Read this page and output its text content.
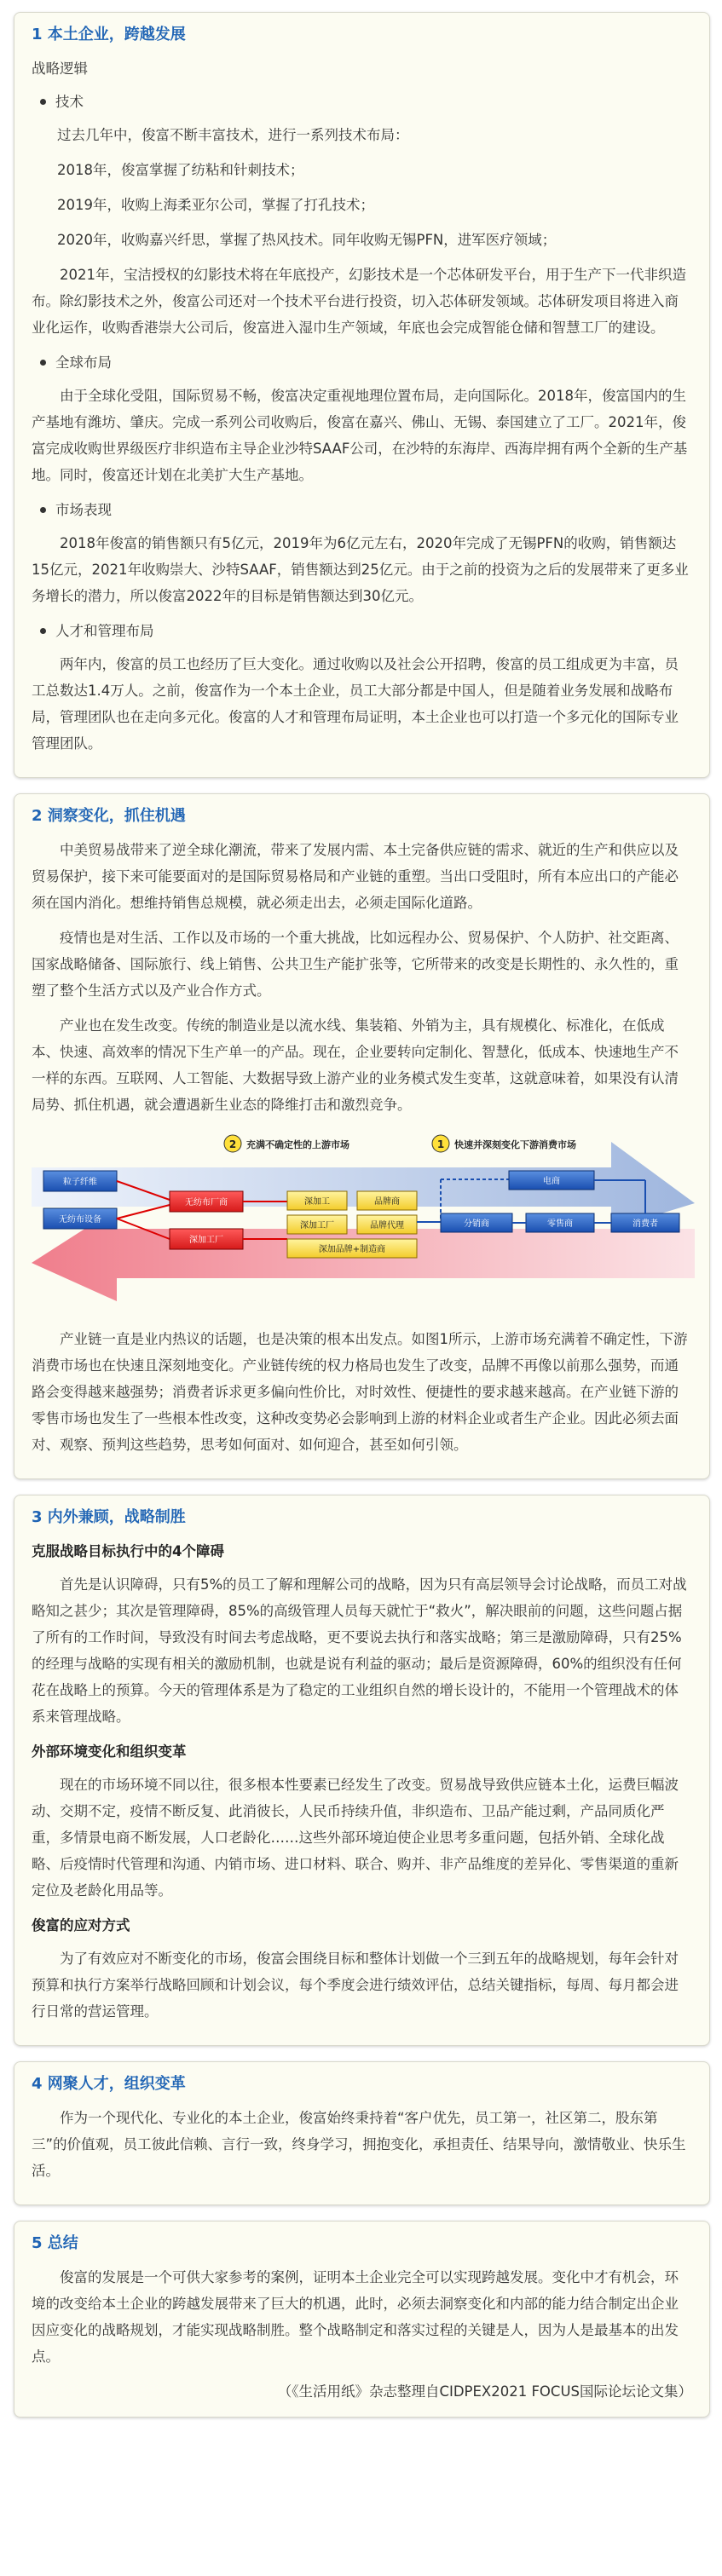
1 本土企业，跨越发展
战略逻辑
技术
过去几年中，俊富不断丰富技术，进行一系列技术布局：
2018年，俊富掌握了纺粘和针刺技术；
2019年，收购上海柔亚尔公司，掌握了打孔技术；
2020年，收购嘉兴纤思，掌握了热风技术。同年收购无锡PFN，进军医疗领域；
2021年，宝洁授权的幻影技术将在年底投产，幻影技术是一个芯体研发平台，用于生产下一代非织造布。除幻影技术之外，俊富公司还对一个技术平台进行投资，切入芯体研发领域。芯体研发项目将进入商业化运作，收购香港崇大公司后，俊富进入湿巾生产领域，年底也会完成智能仓储和智慧工厂的建设。
全球布局
由于全球化受阻，国际贸易不畅，俊富决定重视地理位置布局，走向国际化。2018年，俊富国内的生产基地有潍坊、肇庆。完成一系列公司收购后，俊富在嘉兴、佛山、无锡、泰国建立了工厂。2021年，俊富完成收购世界级医疗非织造布主导企业沙特SAAF公司，在沙特的东海岸、西海岸拥有两个全新的生产基地。同时，俊富还计划在北美扩大生产基地。
市场表现
2018年俊富的销售额只有5亿元，2019年为6亿元左右，2020年完成了无锡PFN的收购，销售额达15亿元，2021年收购崇大、沙特SAAF，销售额达到25亿元。由于之前的投资为之后的发展带来了更多业务增长的潜力，所以俊富2022年的目标是销售额达到30亿元。
人才和管理布局
两年内，俊富的员工也经历了巨大变化。通过收购以及社会公开招聘，俊富的员工组成更为丰富，员工总数达1.4万人。之前，俊富作为一个本土企业，员工大部分都是中国人，但是随着业务发展和战略布局，管理团队也在走向多元化。俊富的人才和管理布局证明，本土企业也可以打造一个多元化的国际专业管理团队。
2 洞察变化，抓住机遇
中美贸易战带来了逆全球化潮流，带来了发展内需、本土完备供应链的需求、就近的生产和供应以及贸易保护，接下来可能要面对的是国际贸易格局和产业链的重塑。当出口受阻时，所有本应出口的产能必须在国内消化。想维持销售总规模，就必须走出去，必须走国际化道路。
疫情也是对生活、工作以及市场的一个重大挑战，比如远程办公、贸易保护、个人防护、社交距离、国家战略储备、国际旅行、线上销售、公共卫生产能扩张等，它所带来的改变是长期性的、永久性的，重塑了整个生活方式以及产业合作方式。
产业也在发生改变。传统的制造业是以流水线、集装箱、外销为主，具有规模化、标准化，在低成本、快速、高效率的情况下生产单一的产品。现在，企业要转向定制化、智慧化，低成本、快速地生产不一样的东西。互联网、人工智能、大数据导致上游产业的业务模式发生变革，这就意味着，如果没有认清局势、抓住机遇，就会遭遇新生业态的降维打击和激烈竞争。
2 充满不确定性的上游市场	1 快速并深刻变化下游消费市场
粒子纤维
无纺布设备
无纺布厂商
深加工厂
深加工	品牌商
深加工厂	品牌代理
深加品牌+制造商
电商
分销商	零售商	消费者
产业链一直是业内热议的话题，也是决策的根本出发点。如图1所示，上游市场充满着不确定性，下游消费市场也在快速且深刻地变化。产业链传统的权力格局也发生了改变，品牌不再像以前那么强势，而通路会变得越来越强势；消费者诉求更多偏向性价比，对时效性、便捷性的要求越来越高。在产业链下游的零售市场也发生了一些根本性改变，这种改变势必会影响到上游的材料企业或者生产企业。因此必须去面对、观察、预判这些趋势，思考如何面对、如何迎合，甚至如何引领。
3 内外兼顾，战略制胜
克服战略目标执行中的4个障碍
首先是认识障碍，只有5%的员工了解和理解公司的战略，因为只有高层领导会讨论战略，而员工对战略知之甚少；其次是管理障碍，85%的高级管理人员每天就忙于“救火”，解决眼前的问题，这些问题占据了所有的工作时间，导致没有时间去考虑战略，更不要说去执行和落实战略；第三是激励障碍，只有25%的经理与战略的实现有相关的激励机制，也就是说有利益的驱动；最后是资源障碍，60%的组织没有任何花在战略上的预算。今天的管理体系是为了稳定的工业组织自然的增长设计的，不能用一个管理战术的体系来管理战略。
外部环境变化和组织变革
现在的市场环境不同以往，很多根本性要素已经发生了改变。贸易战导致供应链本土化，运费巨幅波动、交期不定，疫情不断反复、此消彼长，人民币持续升值，非织造布、卫品产能过剩，产品同质化严重，多情景电商不断发展，人口老龄化……这些外部环境迫使企业思考多重问题，包括外销、全球化战略、后疫情时代管理和沟通、内销市场、进口材料、联合、购并、非产品维度的差异化、零售渠道的重新定位及老龄化用品等。
俊富的应对方式
为了有效应对不断变化的市场，俊富会围绕目标和整体计划做一个三到五年的战略规划，每年会针对预算和执行方案举行战略回顾和计划会议，每个季度会进行绩效评估，总结关键指标，每周、每月都会进行日常的营运管理。
4 网聚人才，组织变革
作为一个现代化、专业化的本土企业，俊富始终秉持着“客户优先，员工第一，社区第二，股东第三”的价值观，员工彼此信赖、言行一致，终身学习，拥抱变化，承担责任、结果导向，激情敬业、快乐生活。
5 总结
俊富的发展是一个可供大家参考的案例，证明本土企业完全可以实现跨越发展。变化中才有机会，环境的改变给本土企业的跨越发展带来了巨大的机遇，此时，必须去洞察变化和内部的能力结合制定出企业因应变化的战略规划，才能实现战略制胜。整个战略制定和落实过程的关键是人，因为人是最基本的出发点。
（《生活用纸》杂志整理自CIDPEX2021 FOCUS国际论坛论文集）
